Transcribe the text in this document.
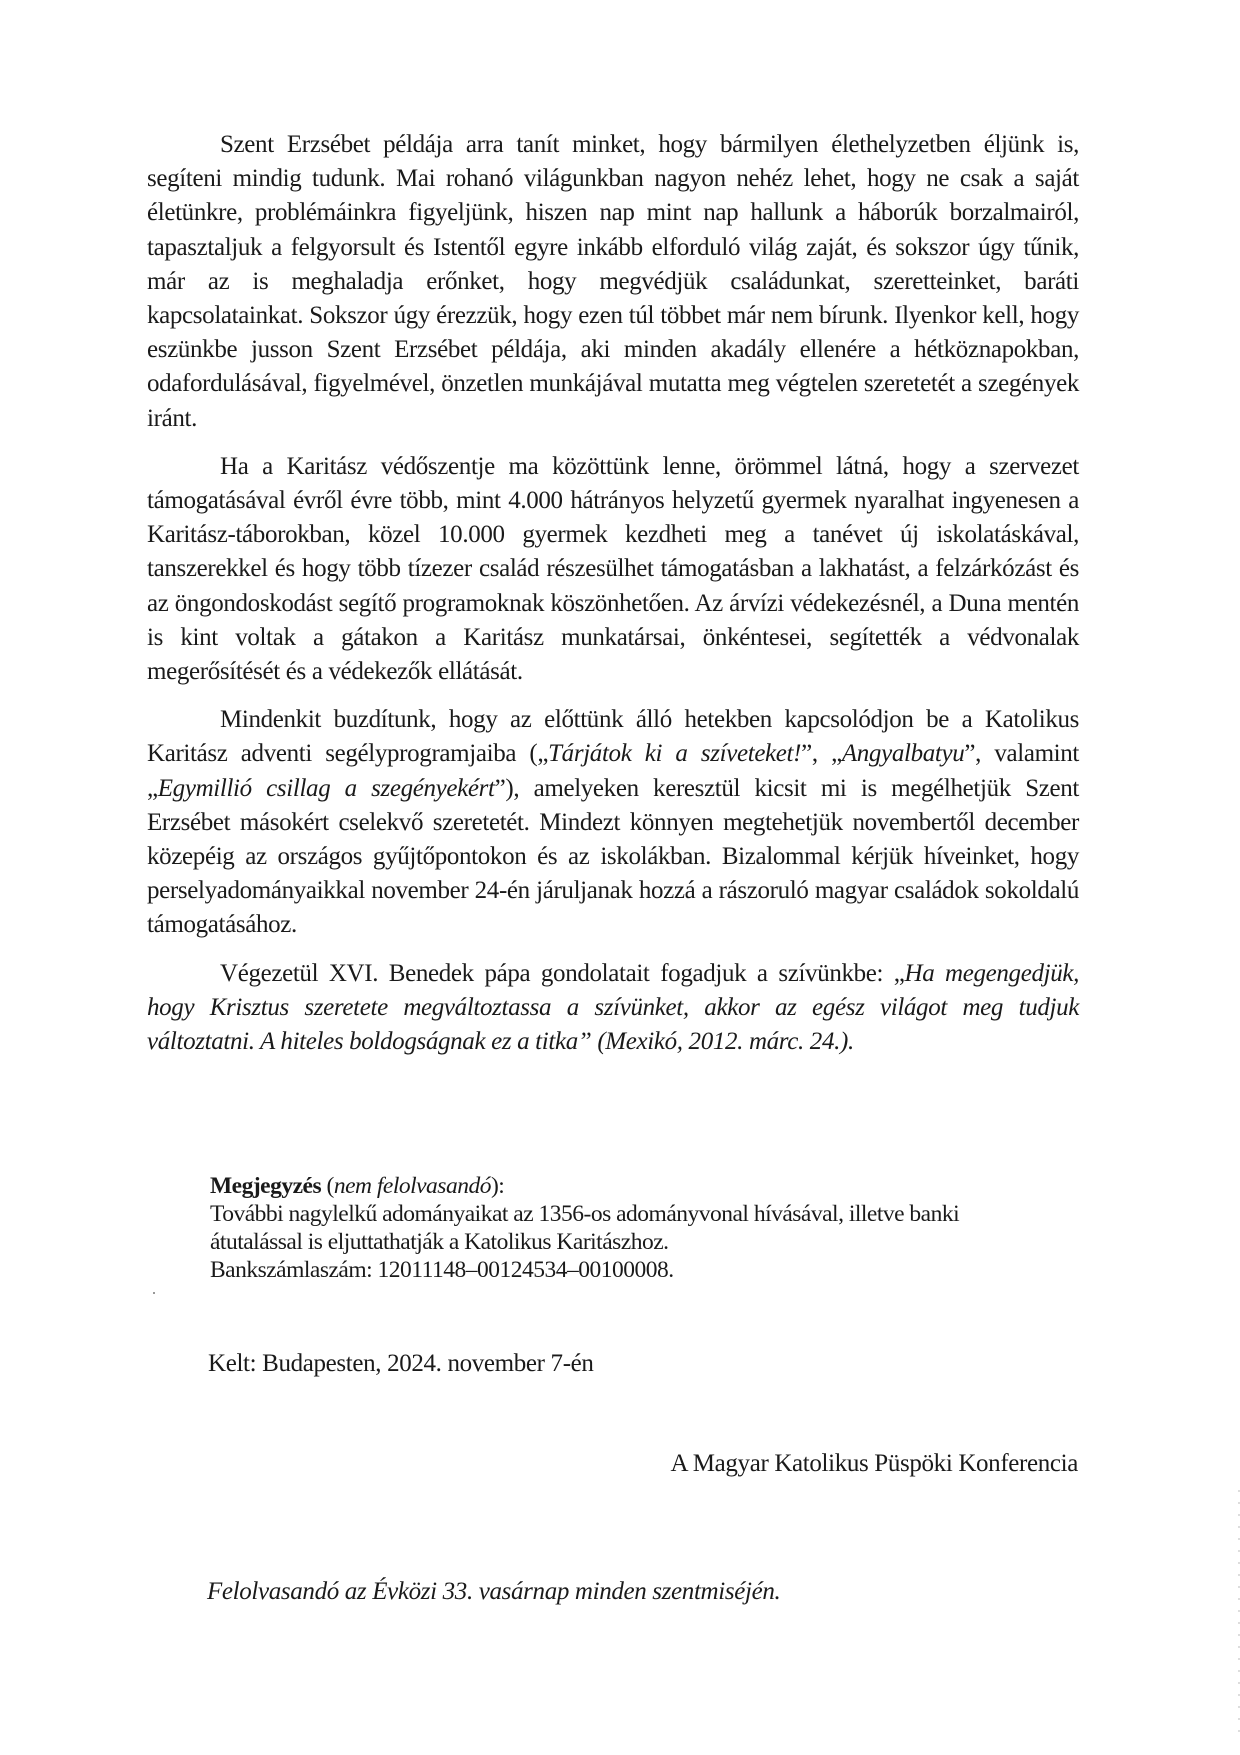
Szent Erzsébet példája arra tanít minket, hogy bármilyen élethelyzetben éljünk is, segíteni mindig tudunk. Mai rohanó világunkban nagyon nehéz lehet, hogy ne csak a saját életünkre, problémáinkra figyeljünk, hiszen nap mint nap hallunk a háborúk borzalmairól, tapasztaljuk a felgyorsult és Istentől egyre inkább elforduló világ zaját, és sokszor úgy tűnik, már az is meghaladja erőnket, hogy megvédjük családunkat, szeretteinket, baráti kapcsolatainkat. Sokszor úgy érezzük, hogy ezen túl többet már nem bírunk. Ilyenkor kell, hogy eszünkbe jusson Szent Erzsébet példája, aki minden akadály ellenére a hétköznapokban, odafordulásával, figyelmével, önzetlen munkájával mutatta meg végtelen szeretetét a szegények iránt.

Ha a Karitász védőszentje ma közöttünk lenne, örömmel látná, hogy a szervezet támogatásával évről évre több, mint 4.000 hátrányos helyzetű gyermek nyaralhat ingyenesen a Karitász-táborokban, közel 10.000 gyermek kezdheti meg a tanévet új iskolatáskával, tanszerekkel és hogy több tízezer család részesülhet támogatásban a lakhatást, a felzárkózást és az öngondoskodást segítő programoknak köszönhetően. Az árvízi védekezésnél, a Duna mentén is kint voltak a gátakon a Karitász munkatársai, önkéntesei, segítették a védvonalak megerősítését és a védekezők ellátását.

Mindenkit buzdítunk, hogy az előttünk álló hetekben kapcsolódjon be a Katolikus Karitász adventi segélyprogramjaiba („Tárjátok ki a szíveteket!”, „Angyalbatyu”, valamint „Egymillió csillag a szegényekért”), amelyeken keresztül kicsit mi is megélhetjük Szent Erzsébet másokért cselekvő szeretetét. Mindezt könnyen megtehetjük novembertől december közepéig az országos gyűjtőpontokon és az iskolákban. Bizalommal kérjük híveinket, hogy perselyadományaikkal november 24-én járuljanak hozzá a rászoruló magyar családok sokoldalú támogatásához.

Végezetül XVI. Benedek pápa gondolatait fogadjuk a szívünkbe: „Ha megengedjük, hogy Krisztus szeretete megváltoztassa a szívünket, akkor az egész világot meg tudjuk változtatni. A hiteles boldogságnak ez a titka” (Mexikó, 2012. márc. 24.).

Megjegyzés (nem felolvasandó):
További nagylelkű adományaikat az 1356-os adományvonal hívásával, illetve banki
átutalással is eljuttathatják a Katolikus Karitászhoz.
Bankszámlaszám: 12011148–00124534–00100008.
Kelt: Budapesten, 2024. november 7-én
A Magyar Katolikus Püspöki Konferencia
Felolvasandó az Évközi 33. vasárnap minden szentmiséjén.
